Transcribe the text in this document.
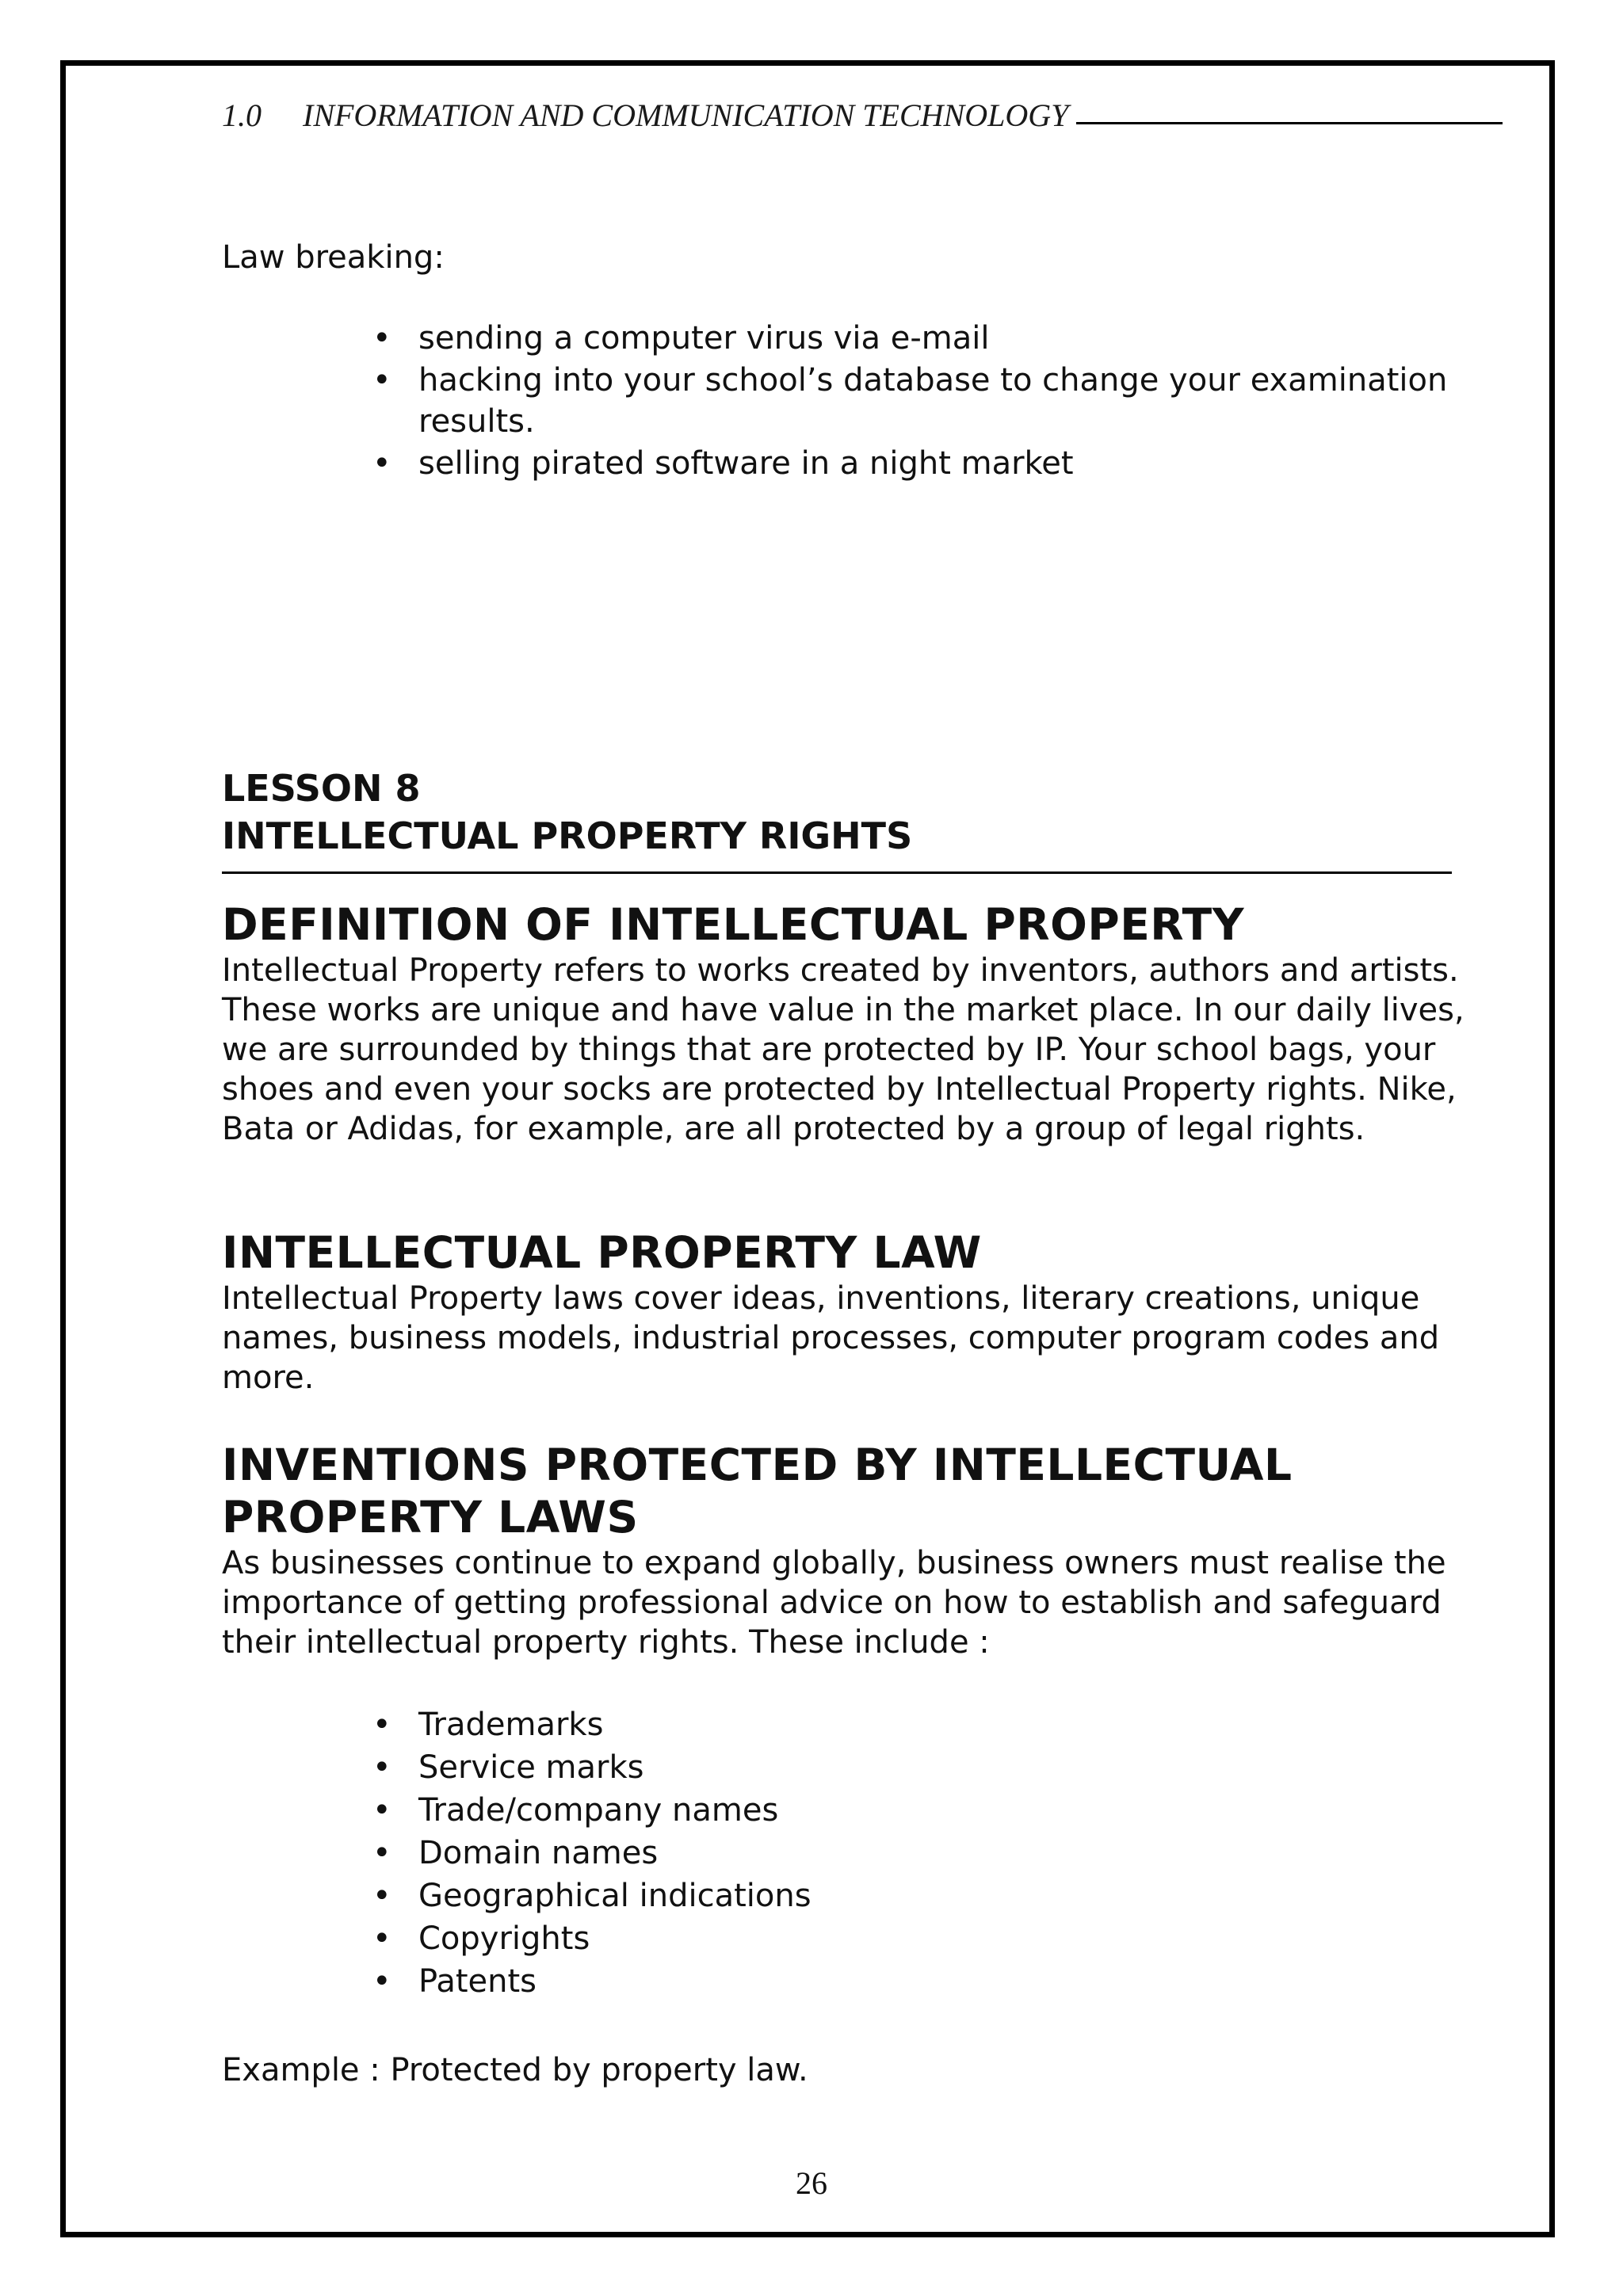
1.0	INFORMATION AND COMMUNICATION TECHNOLOGY
Law breaking:
• sending a computer virus via e-mail
• hacking into your school’s database to change your examination results.
• selling pirated software in a night market
LESSON 8
INTELLECTUAL PROPERTY RIGHTS
DEFINITION OF INTELLECTUAL PROPERTY
Intellectual Property refers to works created by inventors, authors and artists. These works are unique and have value in the market place. In our daily lives, we are surrounded by things that are protected by IP. Your school bags, your shoes and even your socks are protected by Intellectual Property rights. Nike, Bata or Adidas, for example, are all protected by a group of legal rights.
INTELLECTUAL PROPERTY LAW
Intellectual Property laws cover ideas, inventions, literary creations, unique names, business models, industrial processes, computer program codes and more.
INVENTIONS PROTECTED BY INTELLECTUAL PROPERTY LAWS
As businesses continue to expand globally, business owners must realise the importance of getting professional advice on how to establish and safeguard their intellectual property rights. These include :
• Trademarks
• Service marks
• Trade/company names
• Domain names
• Geographical indications
• Copyrights
• Patents
Example : Protected by property law.
26
